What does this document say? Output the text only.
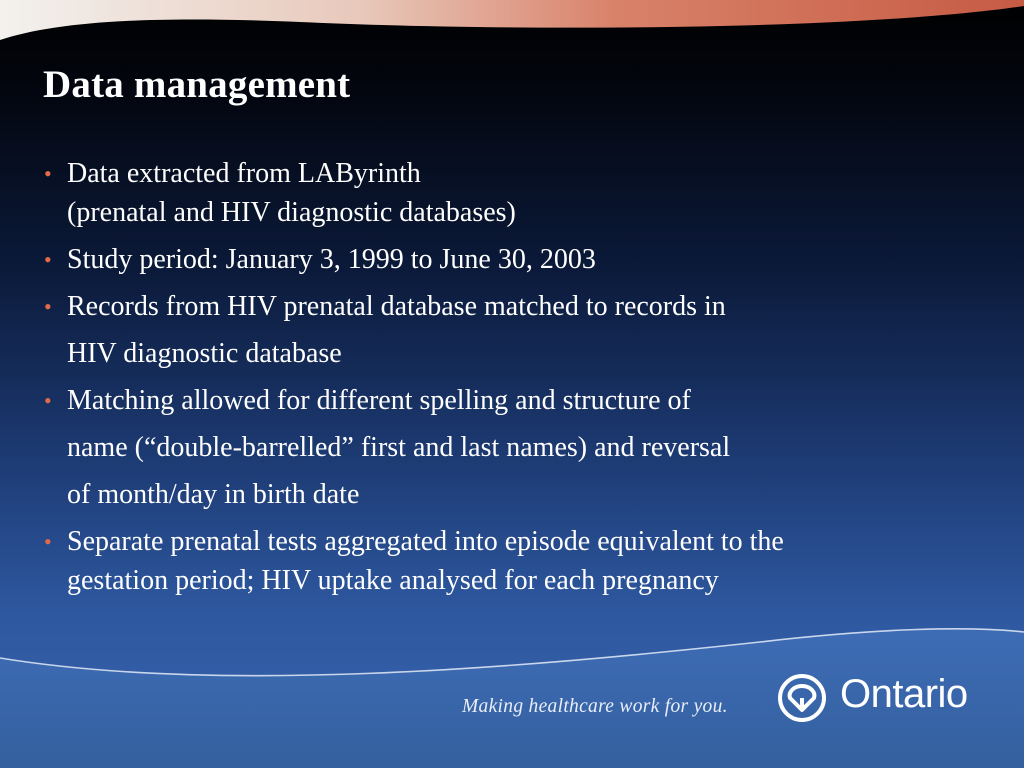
Data management
• Data extracted from LAByrinth
(prenatal and HIV diagnostic databases)
• Study period: January 3, 1999 to June 30, 2003
• Records from HIV prenatal database matched to records in
HIV diagnostic database
• Matching allowed for different spelling and structure of
name (“double-barrelled” first and last names) and reversal
of month/day in birth date
• Separate prenatal tests aggregated into episode equivalent to the
gestation period; HIV uptake analysed for each pregnancy
Making healthcare work for you.	Ontario
